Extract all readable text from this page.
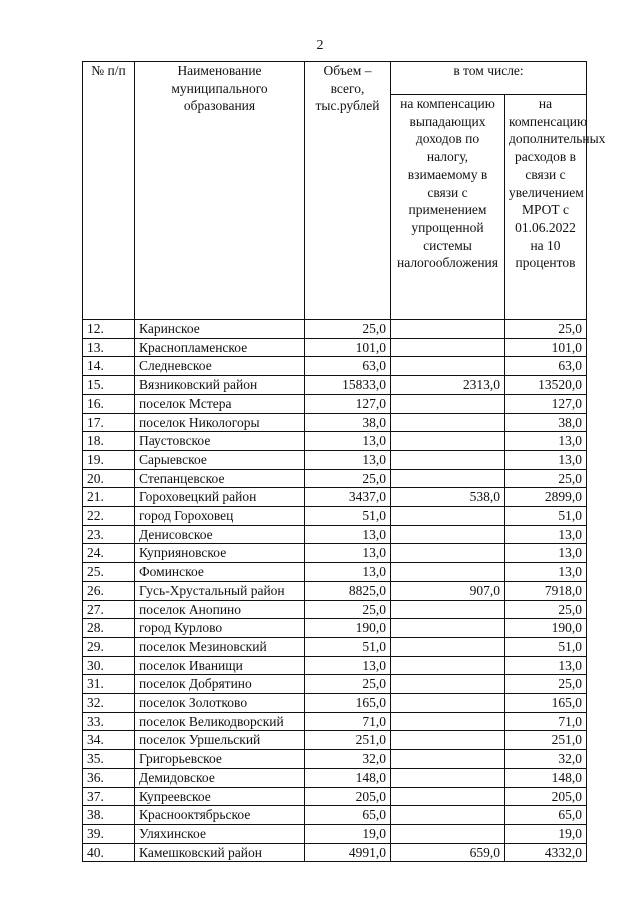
2
№ п/п	Наименование муниципального образования	Объем – всего, тыс.рублей	в том числе:	
			на компенсацию выпадающих доходов по налогу, взимаемому в связи с применением упрощенной системы налогообложения	на компенсацию дополнительных расходов в связи с увеличением МРОТ с 01.06.2022 на 10 процентов
12.	Каринское	25,0		25,0
13.	Краснопламенское	101,0		101,0
14.	Следневское	63,0		63,0
15.	Вязниковский район	15833,0	2313,0	13520,0
16.	поселок Мстера	127,0		127,0
17.	поселок Никологоры	38,0		38,0
18.	Паустовское	13,0		13,0
19.	Сарыевское	13,0		13,0
20.	Степанцевское	25,0		25,0
21.	Гороховецкий район	3437,0	538,0	2899,0
22.	город Гороховец	51,0		51,0
23.	Денисовское	13,0		13,0
24.	Куприяновское	13,0		13,0
25.	Фоминское	13,0		13,0
26.	Гусь-Хрустальный район	8825,0	907,0	7918,0
27.	поселок Анопино	25,0		25,0
28.	город Курлово	190,0		190,0
29.	поселок Мезиновский	51,0		51,0
30.	поселок Иванищи	13,0		13,0
31.	поселок Добрятино	25,0		25,0
32.	поселок Золотково	165,0		165,0
33.	поселок Великодворский	71,0		71,0
34.	поселок Уршельский	251,0		251,0
35.	Григорьевское	32,0		32,0
36.	Демидовское	148,0		148,0
37.	Купреевское	205,0		205,0
38.	Краснооктябрьское	65,0		65,0
39.	Уляхинское	19,0		19,0
40.	Камешковский район	4991,0	659,0	4332,0
